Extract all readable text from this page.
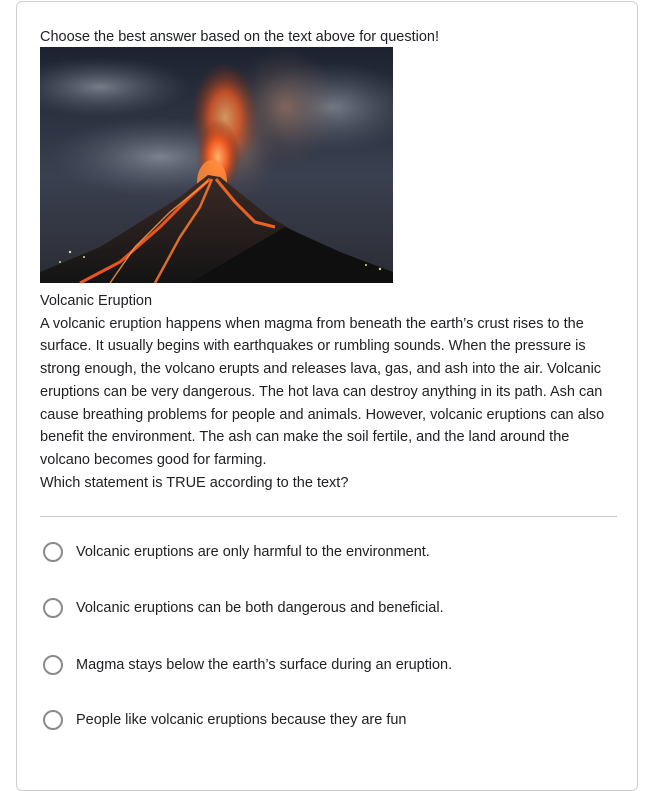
Choose the best answer based on the text above for question!

Volcanic Eruption

A volcanic eruption happens when magma from beneath the earth’s crust rises to the surface. It usually begins with earthquakes or rumbling sounds. When the pressure is strong enough, the volcano erupts and releases lava, gas, and ash into the air. Volcanic eruptions can be very dangerous. The hot lava can destroy anything in its path. Ash can cause breathing problems for people and animals. However, volcanic eruptions can also benefit the environment. The ash can make the soil fertile, and the land around the volcano becomes good for farming.

Which statement is TRUE according to the text?

Volcanic eruptions are only harmful to the environment.
Volcanic eruptions can be both dangerous and beneficial.
Magma stays below the earth’s surface during an eruption.
People like volcanic eruptions because they are fun
